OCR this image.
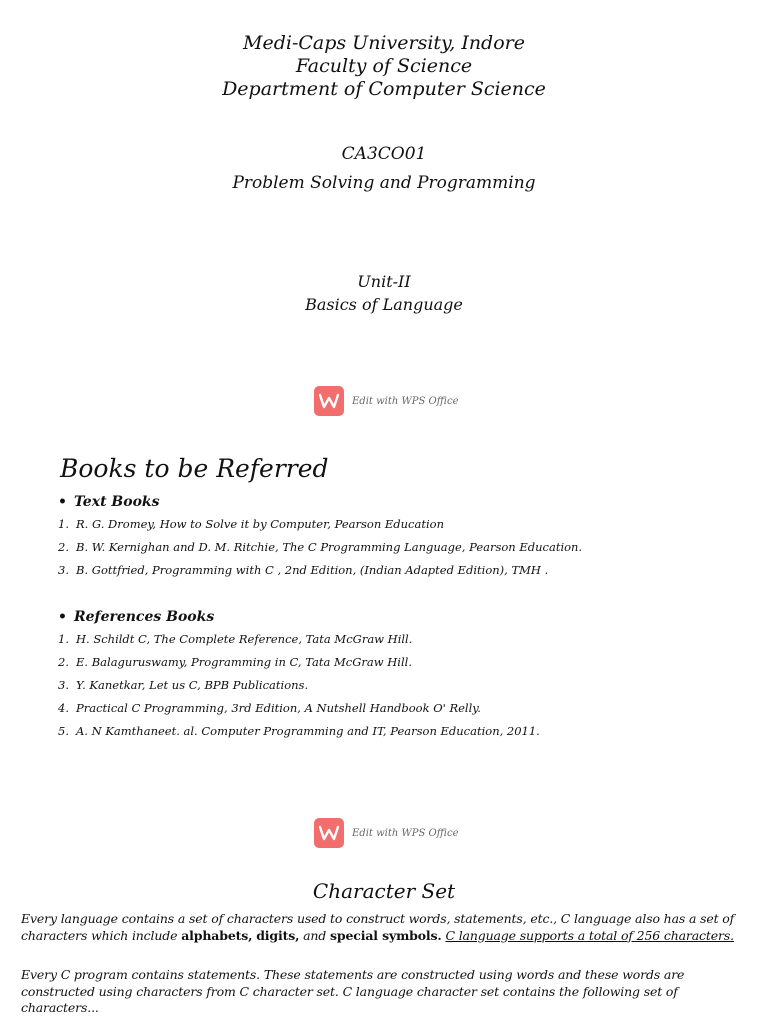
Medi-Caps University, Indore
Faculty of Science
Department of Computer Science
CA3CO01
Problem Solving and Programming
Unit-II
Basics of Language
Edit with WPS Office
Books to be Referred
• Text Books
1. R. G. Dromey, How to Solve it by Computer, Pearson Education
2. B. W. Kernighan and D. M. Ritchie, The C Programming Language, Pearson Education.
3. B. Gottfried, Programming with C , 2nd Edition, (Indian Adapted Edition), TMH .
• References Books
1. H. Schildt C, The Complete Reference, Tata McGraw Hill.
2. E. Balaguruswamy, Programming in C, Tata McGraw Hill.
3. Y. Kanetkar, Let us C, BPB Publications.
4. Practical C Programming, 3rd Edition, A Nutshell Handbook O' Relly.
5. A. N Kamthaneet. al. Computer Programming and IT, Pearson Education, 2011.
Edit with WPS Office
Character Set
Every language contains a set of characters used to construct words, statements, etc., C language also has a set of characters which include alphabets, digits, and special symbols. C language supports a total of 256 characters.
Every C program contains statements. These statements are constructed using words and these words are constructed using characters from C character set. C language character set contains the following set of characters...
